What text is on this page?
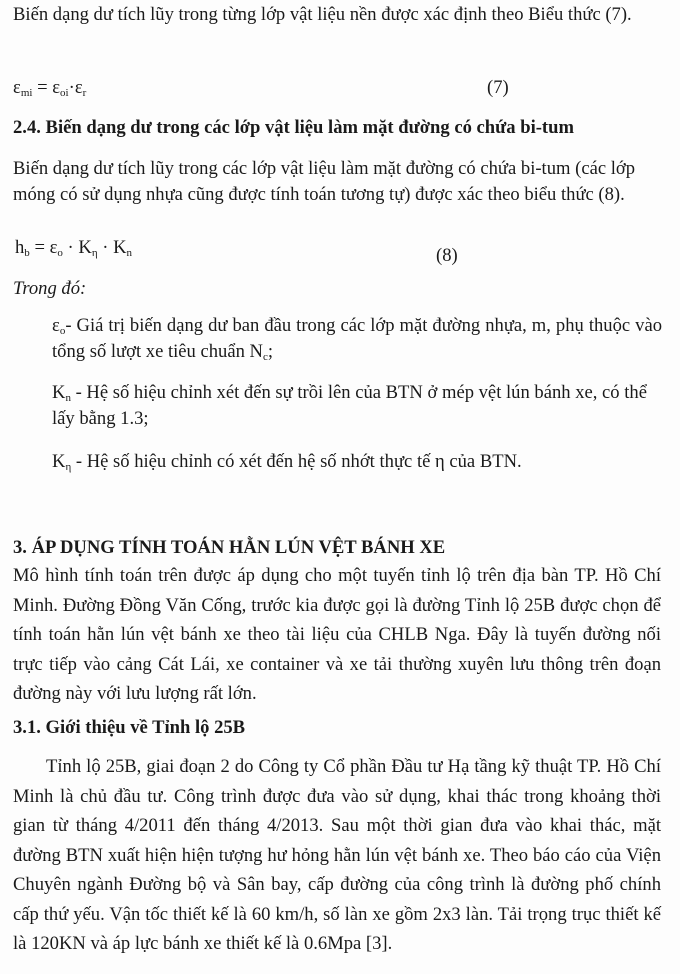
Biến dạng dư tích lũy trong từng lớp vật liệu nền được xác định theo Biểu thức (7).

$\varepsilon_{mi} = \varepsilon_{oi}\cdot\varepsilon_r$	(7)
2.4. Biến dạng dư trong các lớp vật liệu làm mặt đường có chứa bi-tum

Biến dạng dư tích lũy trong các lớp vật liệu làm mặt đường có chứa bi-tum (các lớp móng có sử dụng nhựa cũng được tính toán tương tự) được xác theo biểu thức (8).

$h_b = \varepsilon_o \cdot K_\eta \cdot K_n$	(8)
Trong đó:

$\varepsilon_o-$ Giá trị biến dạng dư ban đầu trong các lớp mặt đường nhựa, m, phụ thuộc vào tổng số lượt xe tiêu chuẩn $N_c$;

$K_n$ - Hệ số hiệu chỉnh xét đến sự trồi lên của BTN ở mép vệt lún bánh xe, có thể lấy bằng 1.3;

$K_\eta$ - Hệ số hiệu chỉnh có xét đến hệ số nhớt thực tế η của BTN.

3. ÁP DỤNG TÍNH TOÁN HẰN LÚN VỆT BÁNH XE

Mô hình tính toán trên được áp dụng cho một tuyến tỉnh lộ trên địa bàn TP. Hồ Chí Minh. Đường Đồng Văn Cống, trước kia được gọi là đường Tỉnh lộ 25B được chọn để tính toán hằn lún vệt bánh xe theo tài liệu của CHLB Nga. Đây là tuyến đường nối trực tiếp vào cảng Cát Lái, xe container và xe tải thường xuyên lưu thông trên đoạn đường này với lưu lượng rất lớn.

3.1. Giới thiệu về Tỉnh lộ 25B

Tỉnh lộ 25B, giai đoạn 2 do Công ty Cổ phần Đầu tư Hạ tầng kỹ thuật TP. Hồ Chí Minh là chủ đầu tư. Công trình được đưa vào sử dụng, khai thác trong khoảng thời gian từ tháng 4/2011 đến tháng 4/2013. Sau một thời gian đưa vào khai thác, mặt đường BTN xuất hiện hiện tượng hư hỏng hằn lún vệt bánh xe. Theo báo cáo của Viện Chuyên ngành Đường bộ và Sân bay, cấp đường của công trình là đường phố chính cấp thứ yếu. Vận tốc thiết kế là 60 km/h, số làn xe gồm 2x3 làn. Tải trọng trục thiết kế là 120KN và áp lực bánh xe thiết kế là 0.6Mpa [3].
